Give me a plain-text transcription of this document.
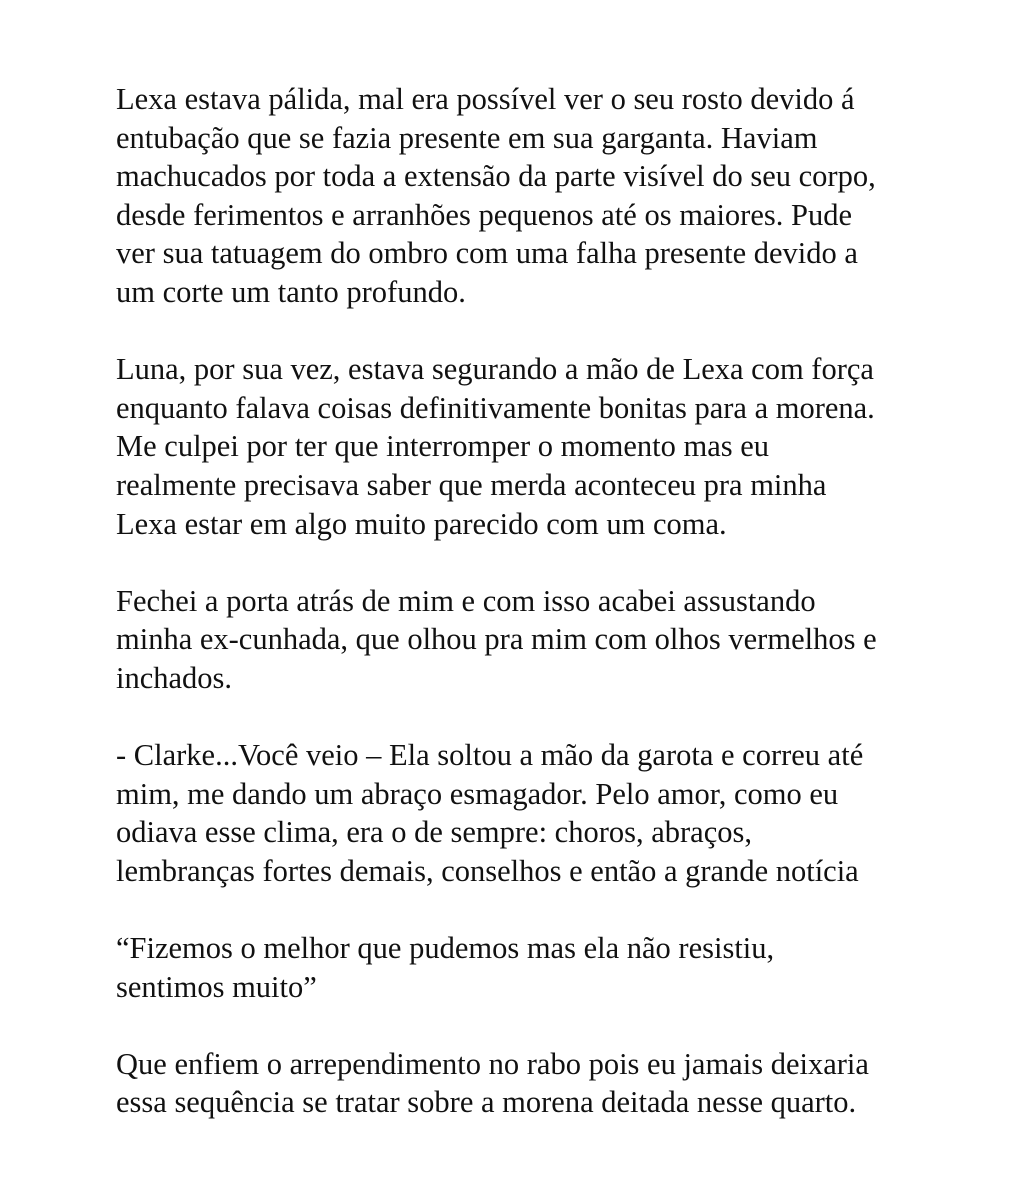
Lexa estava pálida, mal era possível ver o seu rosto devido á
entubação que se fazia presente em sua garganta. Haviam
machucados por toda a extensão da parte visível do seu corpo,
desde ferimentos e arranhões pequenos até os maiores. Pude
ver sua tatuagem do ombro com uma falha presente devido a
um corte um tanto profundo.

Luna, por sua vez, estava segurando a mão de Lexa com força
enquanto falava coisas definitivamente bonitas para a morena.
Me culpei por ter que interromper o momento mas eu
realmente precisava saber que merda aconteceu pra minha
Lexa estar em algo muito parecido com um coma.

Fechei a porta atrás de mim e com isso acabei assustando
minha ex-cunhada, que olhou pra mim com olhos vermelhos e
inchados.

- Clarke...Você veio – Ela soltou a mão da garota e correu até
mim, me dando um abraço esmagador. Pelo amor, como eu
odiava esse clima, era o de sempre: choros, abraços,
lembranças fortes demais, conselhos e então a grande notícia

“Fizemos o melhor que pudemos mas ela não resistiu,
sentimos muito”

Que enfiem o arrependimento no rabo pois eu jamais deixaria
essa sequência se tratar sobre a morena deitada nesse quarto.
